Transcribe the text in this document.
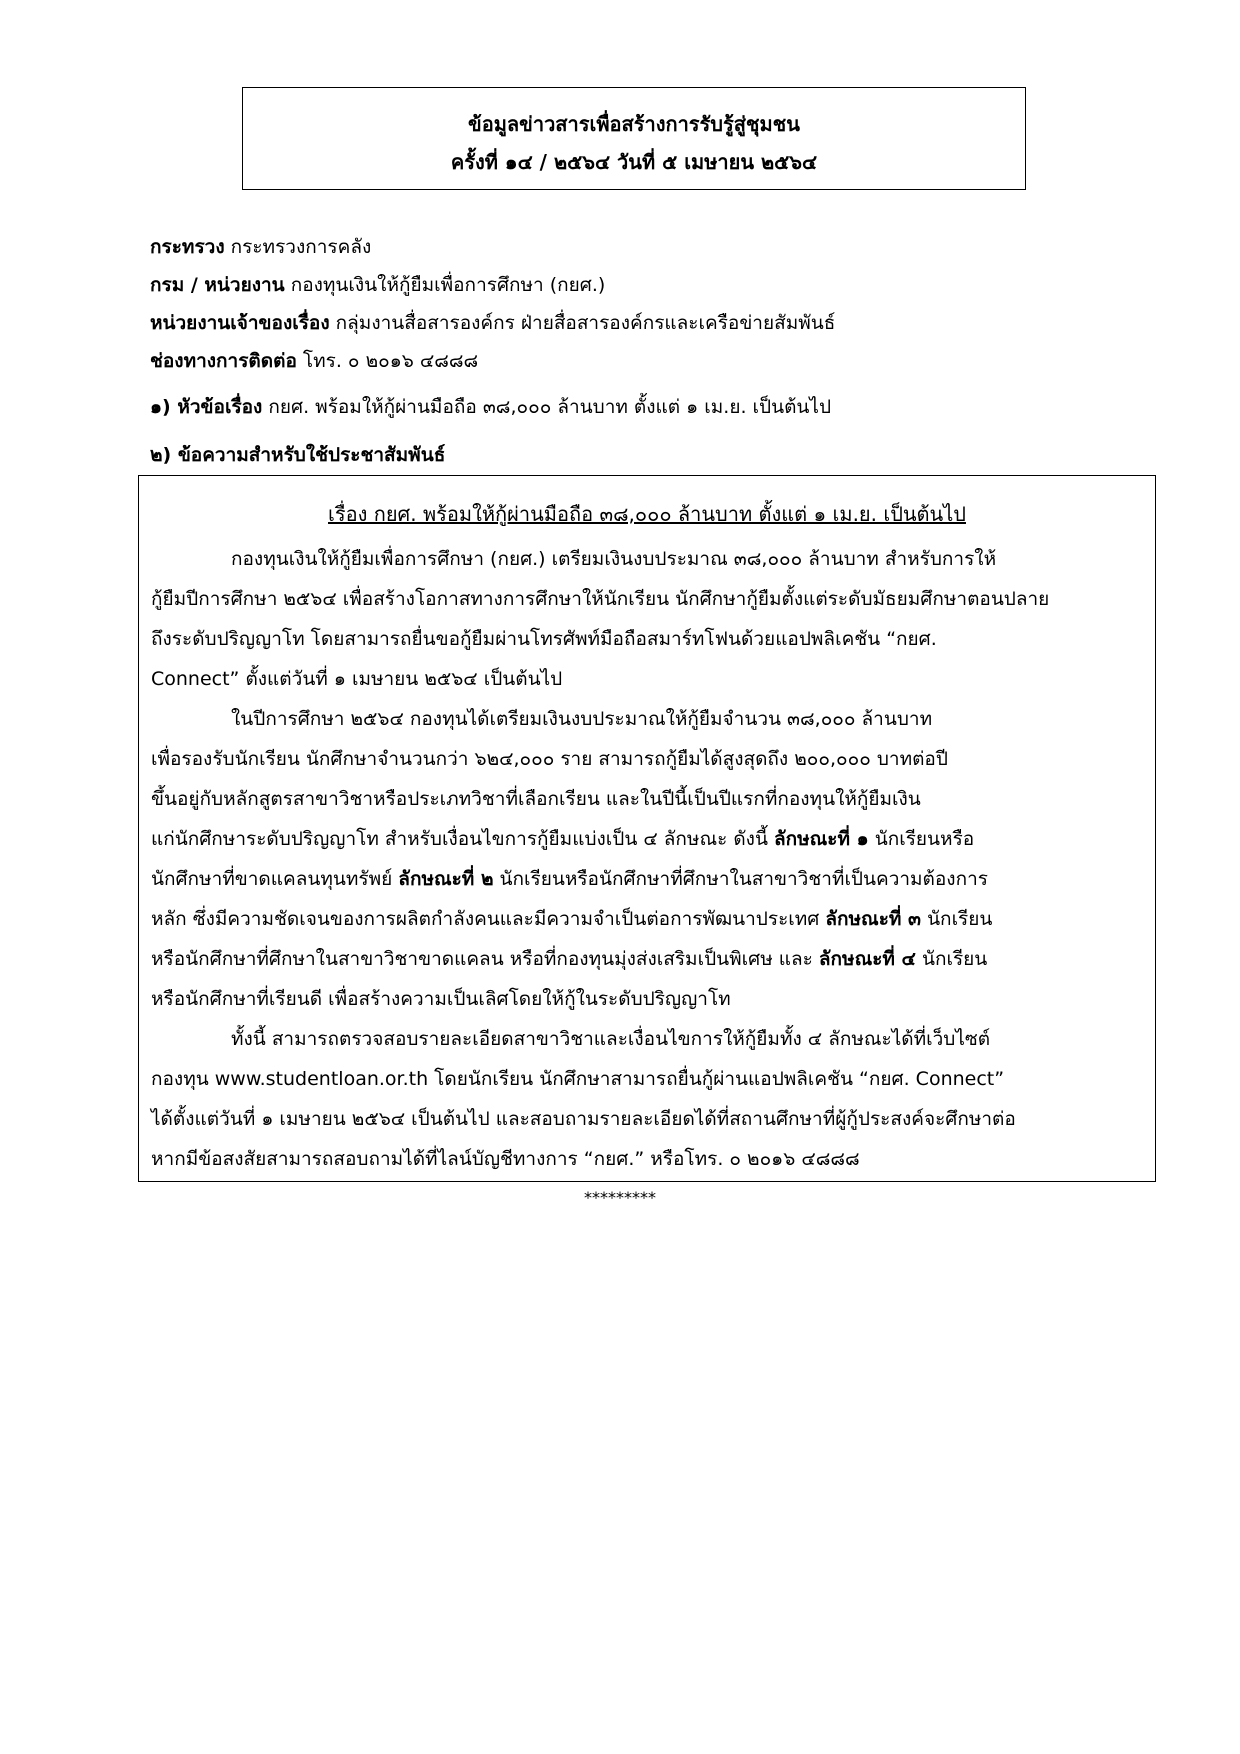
ข้อมูลข่าวสารเพื่อสร้างการรับรู้สู่ชุมชน
ครั้งที่ ๑๔ / ๒๕๖๔ วันที่ ๕ เมษายน ๒๕๖๔
กระทรวง กระทรวงการคลัง
กรม / หน่วยงาน กองทุนเงินให้กู้ยืมเพื่อการศึกษา (กยศ.)
หน่วยงานเจ้าของเรื่อง กลุ่มงานสื่อสารองค์กร ฝ่ายสื่อสารองค์กรและเครือข่ายสัมพันธ์
ช่องทางการติดต่อ โทร. ๐ ๒๐๑๖ ๔๘๘๘
๑) หัวข้อเรื่อง กยศ. พร้อมให้กู้ผ่านมือถือ ๓๘,๐๐๐ ล้านบาท ตั้งแต่ ๑ เม.ย. เป็นต้นไป
๒) ข้อความสำหรับใช้ประชาสัมพันธ์
เรื่อง กยศ. พร้อมให้กู้ผ่านมือถือ ๓๘,๐๐๐ ล้านบาท ตั้งแต่ ๑ เม.ย. เป็นต้นไป
กองทุนเงินให้กู้ยืมเพื่อการศึกษา (กยศ.) เตรียมเงินงบประมาณ ๓๘,๐๐๐ ล้านบาท สำหรับการให้
กู้ยืมปีการศึกษา ๒๕๖๔ เพื่อสร้างโอกาสทางการศึกษาให้นักเรียน นักศึกษากู้ยืมตั้งแต่ระดับมัธยมศึกษาตอนปลาย
ถึงระดับปริญญาโท โดยสามารถยื่นขอกู้ยืมผ่านโทรศัพท์มือถือสมาร์ทโฟนด้วยแอปพลิเคชัน “กยศ.
Connect” ตั้งแต่วันที่ ๑ เมษายน ๒๕๖๔ เป็นต้นไป
ในปีการศึกษา ๒๕๖๔ กองทุนได้เตรียมเงินงบประมาณให้กู้ยืมจำนวน ๓๘,๐๐๐ ล้านบาท
เพื่อรองรับนักเรียน นักศึกษาจำนวนกว่า ๖๒๔,๐๐๐ ราย สามารถกู้ยืมได้สูงสุดถึง ๒๐๐,๐๐๐ บาทต่อปี
ขึ้นอยู่กับหลักสูตรสาขาวิชาหรือประเภทวิชาที่เลือกเรียน และในปีนี้เป็นปีแรกที่กองทุนให้กู้ยืมเงิน
แก่นักศึกษาระดับปริญญาโท สำหรับเงื่อนไขการกู้ยืมแบ่งเป็น ๔ ลักษณะ ดังนี้ ลักษณะที่ ๑ นักเรียนหรือ
นักศึกษาที่ขาดแคลนทุนทรัพย์ ลักษณะที่ ๒ นักเรียนหรือนักศึกษาที่ศึกษาในสาขาวิชาที่เป็นความต้องการ
หลัก ซึ่งมีความชัดเจนของการผลิตกำลังคนและมีความจำเป็นต่อการพัฒนาประเทศ ลักษณะที่ ๓ นักเรียน
หรือนักศึกษาที่ศึกษาในสาขาวิชาขาดแคลน หรือที่กองทุนมุ่งส่งเสริมเป็นพิเศษ และ ลักษณะที่ ๔ นักเรียน
หรือนักศึกษาที่เรียนดี เพื่อสร้างความเป็นเลิศโดยให้กู้ในระดับปริญญาโท
ทั้งนี้ สามารถตรวจสอบรายละเอียดสาขาวิชาและเงื่อนไขการให้กู้ยืมทั้ง ๔ ลักษณะได้ที่เว็บไซต์
กองทุน www.studentloan.or.th โดยนักเรียน นักศึกษาสามารถยื่นกู้ผ่านแอปพลิเคชัน “กยศ. Connect”
ได้ตั้งแต่วันที่ ๑ เมษายน ๒๕๖๔ เป็นต้นไป และสอบถามรายละเอียดได้ที่สถานศึกษาที่ผู้กู้ประสงค์จะศึกษาต่อ
หากมีข้อสงสัยสามารถสอบถามได้ที่ไลน์บัญชีทางการ “กยศ.” หรือโทร. ๐ ๒๐๑๖ ๔๘๘๘
*********
